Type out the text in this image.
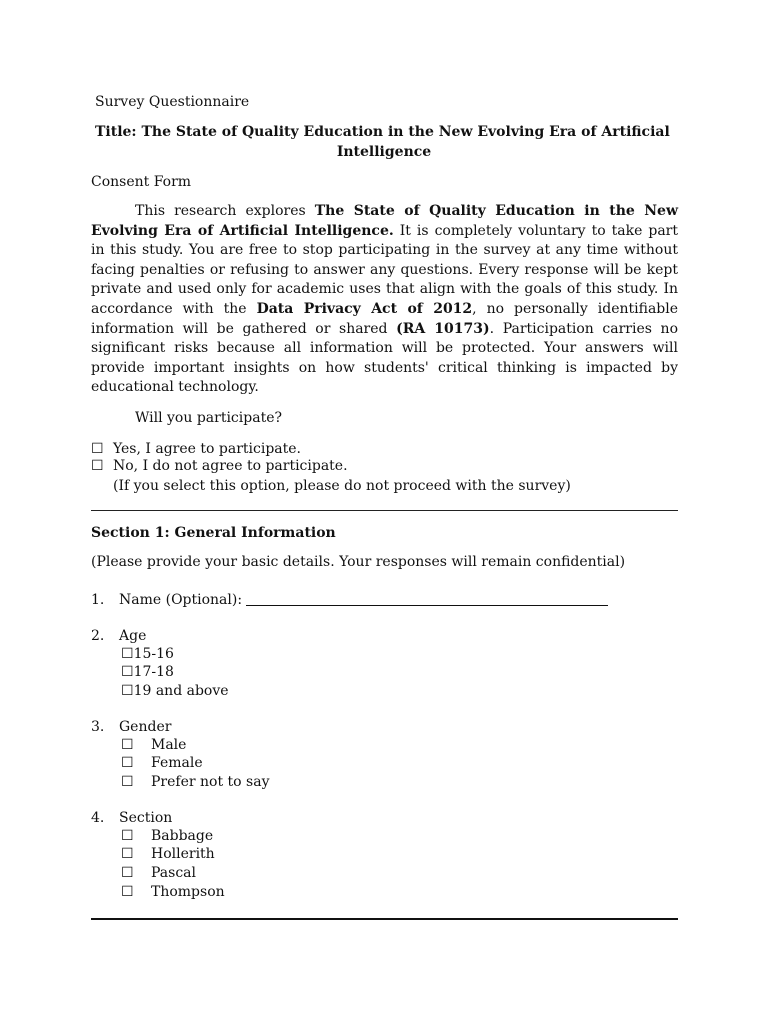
Survey Questionnaire
Title: The State of Quality Education in the New Evolving Era of Artificial
Intelligence
Consent Form
This research explores The State of Quality Education in the New Evolving Era of Artificial Intelligence. It is completely voluntary to take part in this study. You are free to stop participating in the survey at any time without facing penalties or refusing to answer any questions. Every response will be kept private and used only for academic uses that align with the goals of this study. In accordance with the Data Privacy Act of 2012, no personally identifiable information will be gathered or shared (RA 10173). Participation carries no significant risks because all information will be protected. Your answers will provide important insights on how students' critical thinking is impacted by educational technology.
Will you participate?
☐ Yes, I agree to participate.
☐ No, I do not agree to participate.
(If you select this option, please do not proceed with the survey)
Section 1: General Information
(Please provide your basic details. Your responses will remain confidential)
1. Name (Optional):
2. Age
☐15-16
☐17-18
☐19 and above
3. Gender
☐ Male
☐ Female
☐ Prefer not to say
4. Section
☐ Babbage
☐ Hollerith
☐ Pascal
☐ Thompson
